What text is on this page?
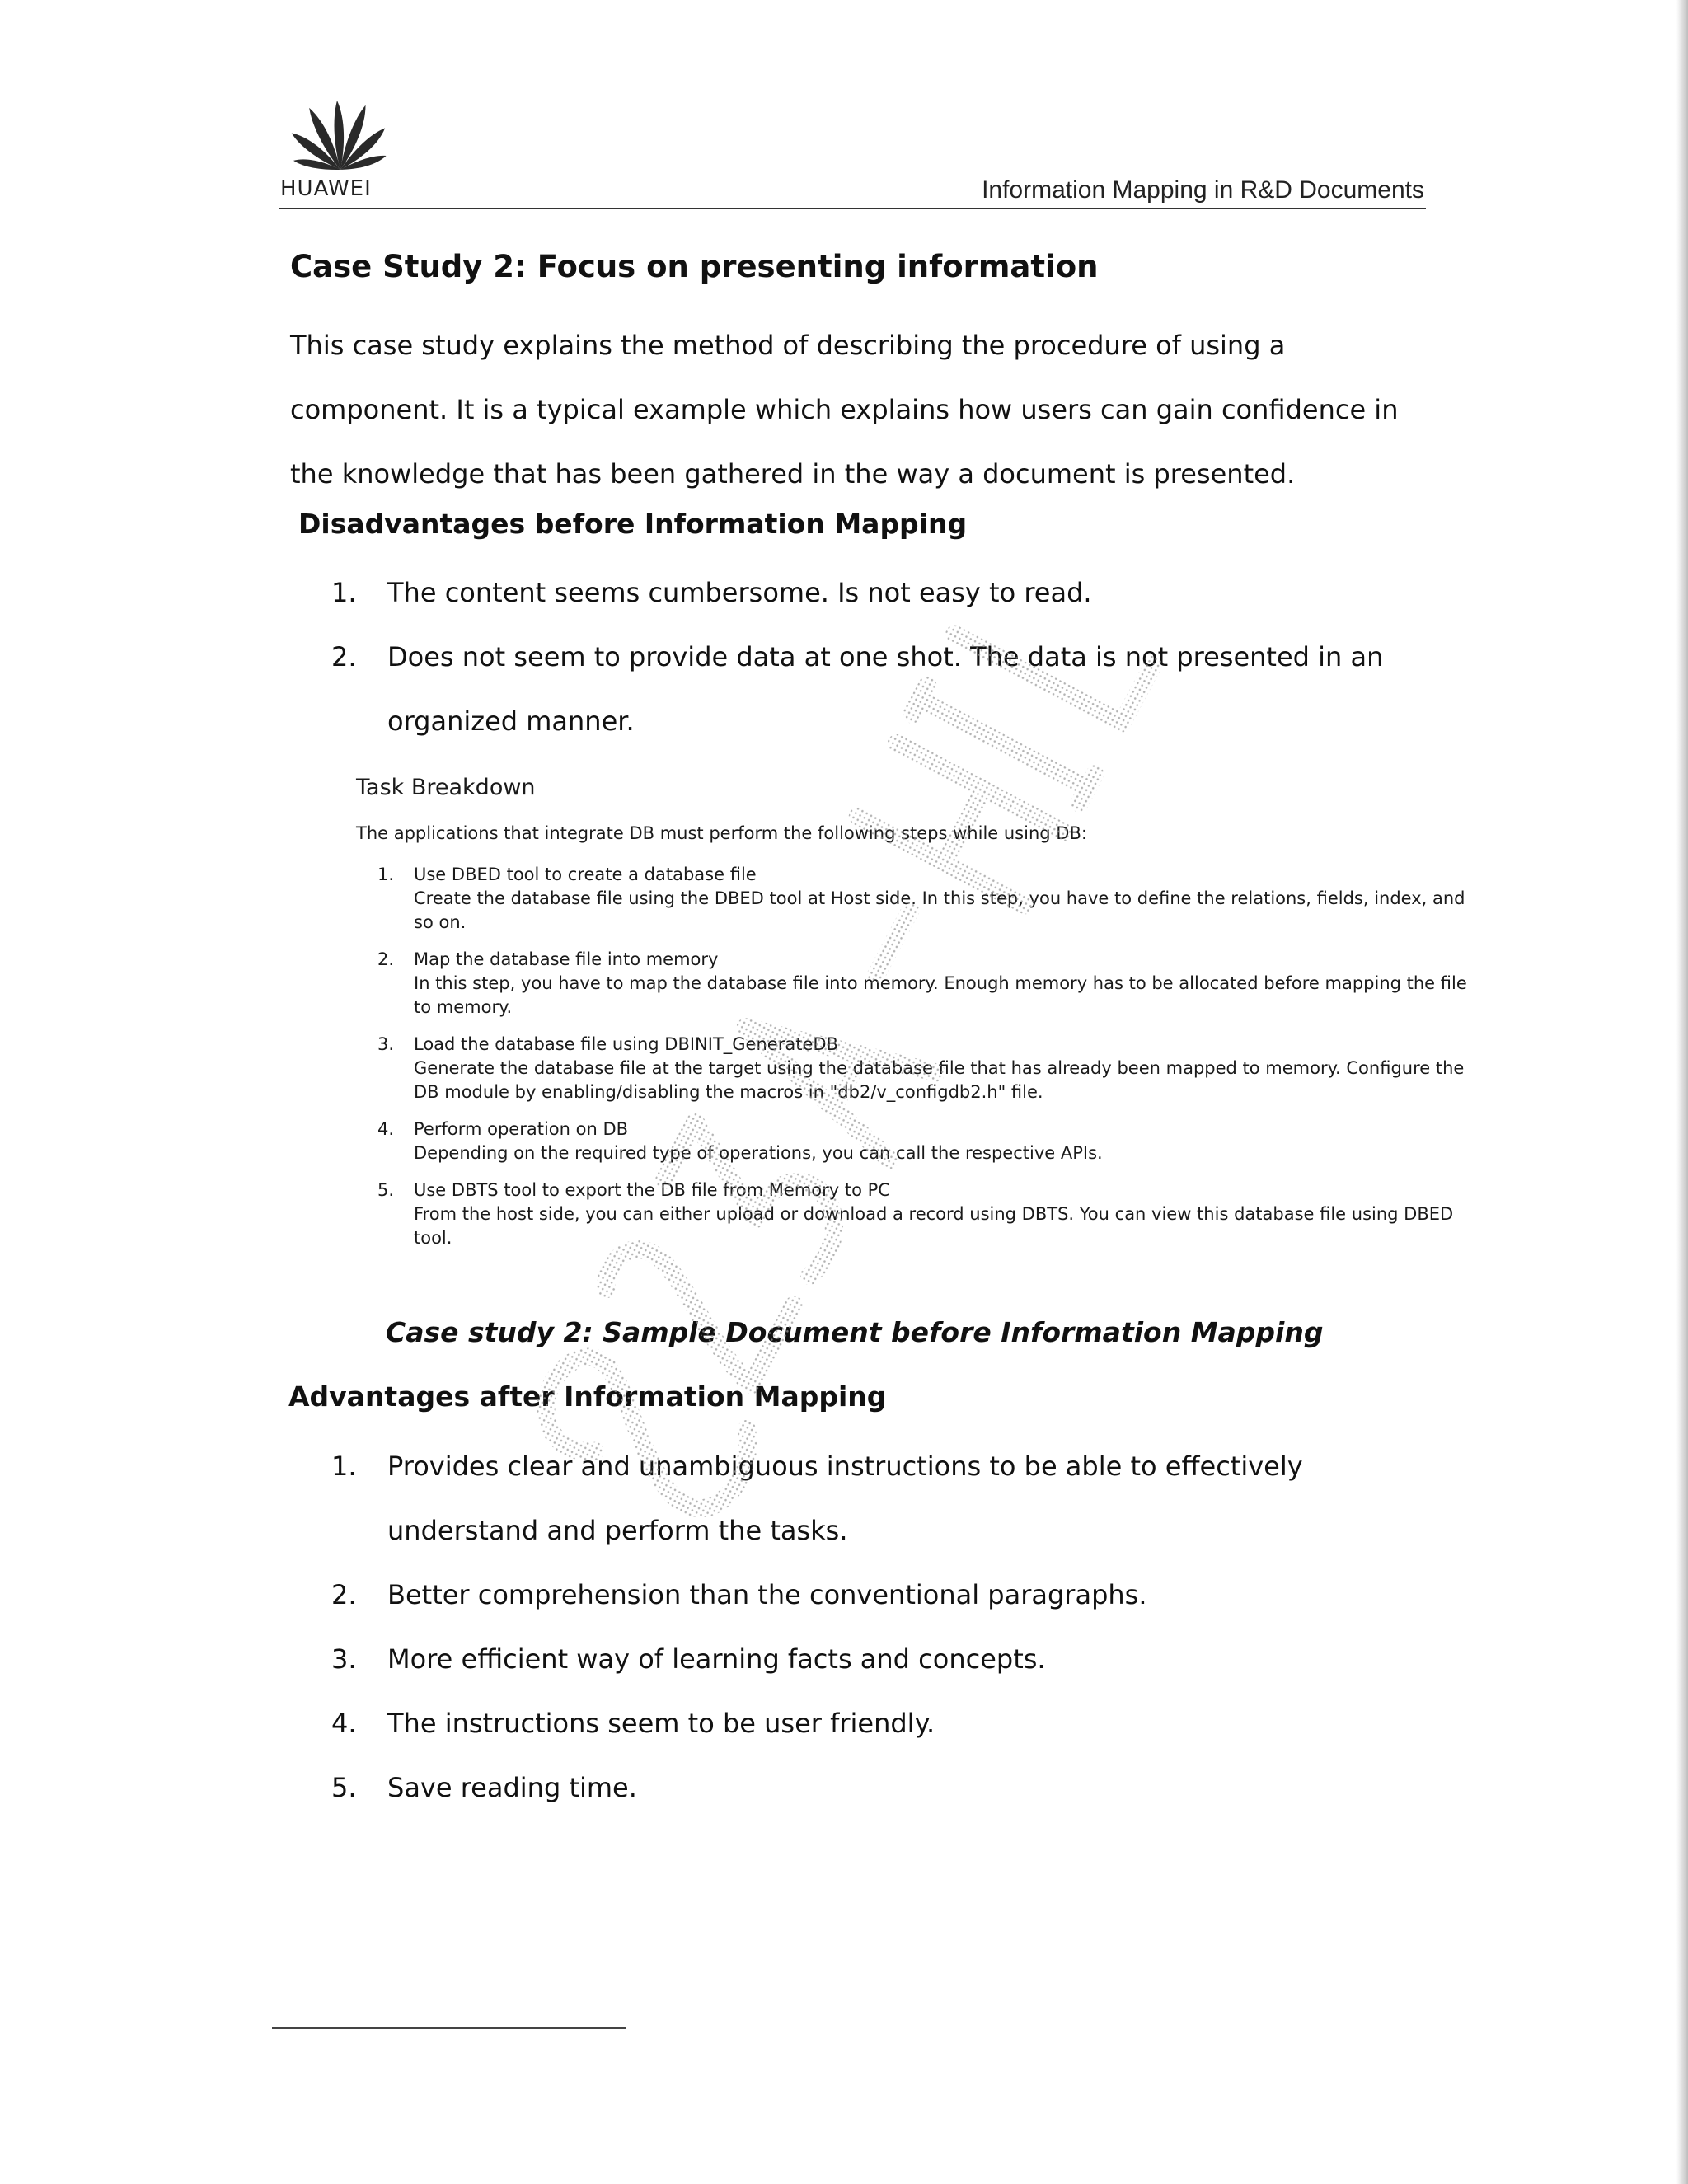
HUAWEI	Information Mapping in R&D Documents
Case Study 2: Focus on presenting information

This case study explains the method of describing the procedure of using a component. It is a typical example which explains how users can gain confidence in the knowledge that has been gathered in the way a document is presented.

Disadvantages before Information Mapping
1.	The content seems cumbersome. Is not easy to read.
2.	Does not seem to provide data at one shot. The data is not presented in an organized manner.

Task Breakdown

The applications that integrate DB must perform the following steps while using DB:

1.	Use DBED tool to create a database file
Create the database file using the DBED tool at Host side. In this step, you have to define the relations, fields, index, and so on.
2.	Map the database file into memory
In this step, you have to map the database file into memory. Enough memory has to be allocated before mapping the file to memory.
3.	Load the database file using DBINIT_GenerateDB
Generate the database file at the target using the database file that has already been mapped to memory. Configure the DB module by enabling/disabling the macros in "db2/v_configdb2.h" file.
4.	Perform operation on DB
Depending on the required type of operations, you can call the respective APIs.
5.	Use DBTS tool to export the DB file from Memory to PC
From the host side, you can either upload or download a record using DBTS. You can view this database file using DBED tool.

Case study 2: Sample Document before Information Mapping

Advantages after Information Mapping
1.	Provides clear and unambiguous instructions to be able to effectively understand and perform the tasks.
2.	Better comprehension than the conventional paragraphs.
3.	More efficient way of learning facts and concepts.
4.	The instructions seem to be user friendly.
5.	Save reading time.
